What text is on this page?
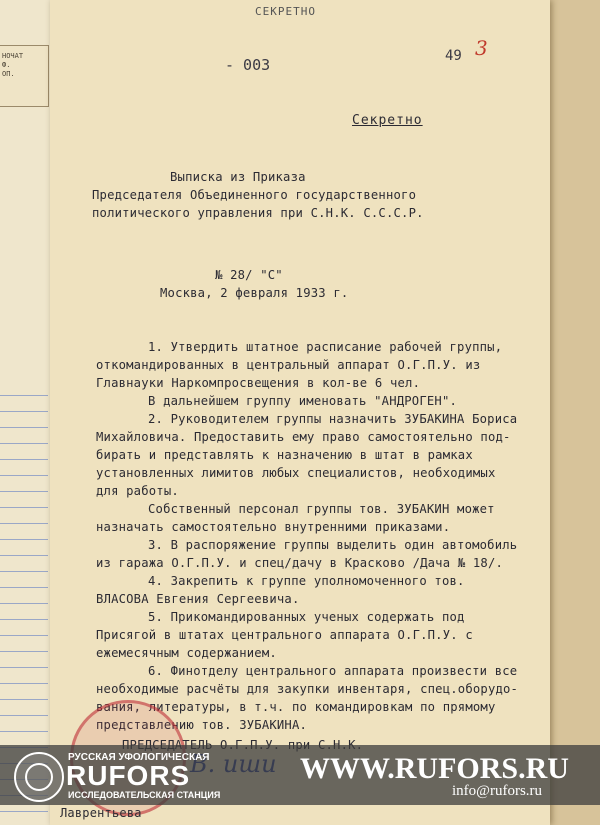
НОЧАТ
Ф.
ОП.
СЕКРЕТНО
- 003	49 3
Секретно
Выписка из Приказа
Председателя Объединенного государственного
политического управления при С.Н.К. С.С.С.Р.
№ 28/ "С"
Москва, 2 февраля 1933 г.
1. Утвердить штатное расписание рабочей группы,
откомандированных в центральный аппарат О.Г.П.У. из
Главнауки Наркомпросвещения в кол-ве 6 чел.
В дальнейшем группу именовать "АНДРОГЕН".
2. Руководителем группы назначить ЗУБАКИНА Бориса
Михайловича. Предоставить ему право самостоятельно под-
бирать и представлять к назначению в штат в рамках
установленных лимитов любых специалистов, необходимых
для работы.
Собственный персонал группы тов. ЗУБАКИН может
назначать самостоятельно внутренними приказами.
3. В распоряжение группы выделить один автомобиль
из гаража О.Г.П.У. и спец/дачу в Красково /Дача № 18/.
4. Закрепить к группе уполномоченного тов.
ВЛАСОВА Евгения Сергеевича.
5. Прикомандированных ученых содержать под
Присягой в штатах центрального аппарата О.Г.П.У. с
ежемесячным содержанием.
6. Финотделу центрального аппарата произвести все
необходимые расчёты для закупки инвентаря, спец.оборудо-
вания, литературы, в т.ч. по командировкам по прямому
представлению тов. ЗУБАКИНА.
РУССКАЯ УФОЛОГИЧЕСКАЯ
RUFORS
ИССЛЕДОВАТЕЛЬСКАЯ СТАНЦИЯ
WWW.RUFORS.RU
info@rufors.ru
Лаврентьева
